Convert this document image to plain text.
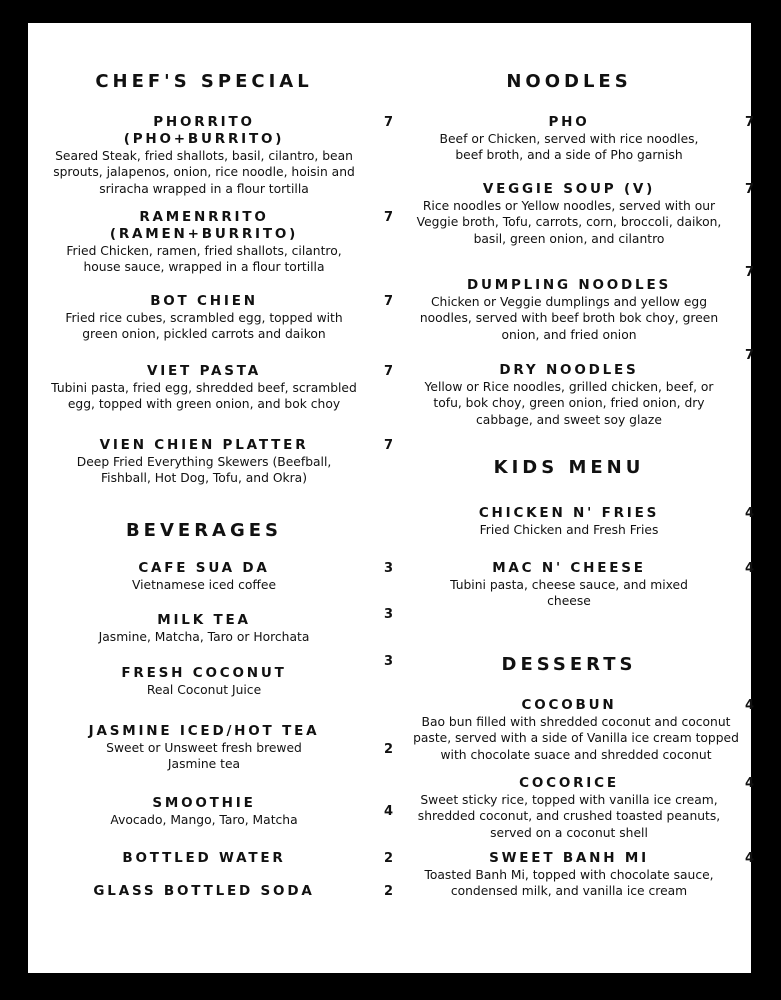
CHEF'S SPECIAL
7
PHORRITO
(PHO+BURRITO)
Seared Steak, fried shallots, basil, cilantro, bean sprouts, jalapenos, onion, rice noodle, hoisin and sriracha wrapped in a flour tortilla
7
RAMENRRITO
(RAMEN+BURRITO)
Fried Chicken, ramen, fried shallots, cilantro, house sauce, wrapped in a flour tortilla
7
BOT CHIEN
Fried rice cubes, scrambled egg, topped with green onion, pickled carrots and daikon
7
VIET PASTA
Tubini pasta, fried egg, shredded beef, scrambled egg, topped with green onion, and bok choy
7
VIEN CHIEN PLATTER
Deep Fried Everything Skewers (Beefball, Fishball, Hot Dog, Tofu, and Okra)
BEVERAGES
3
CAFE SUA DA
Vietnamese iced coffee
3
MILK TEA
Jasmine, Matcha, Taro or Horchata
3
FRESH COCONUT
Real Coconut Juice
2
JASMINE ICED/HOT TEA
Sweet or Unsweet fresh brewed Jasmine tea
4
SMOOTHIE
Avocado, Mango, Taro, Matcha
2
BOTTLED WATER
2
GLASS BOTTLED SODA
NOODLES
7
PHO
Beef or Chicken, served with rice noodles, beef broth, and a side of Pho garnish
7
VEGGIE SOUP (V)
Rice noodles or Yellow noodles, served with our Veggie broth, Tofu, carrots, corn, broccoli, daikon, basil, green onion, and cilantro
7
DUMPLING NOODLES
Chicken or Veggie dumplings and yellow egg noodles, served with beef broth bok choy, green onion, and fried onion
7
DRY NOODLES
Yellow or Rice noodles, grilled chicken, beef, or tofu, bok choy, green onion, fried onion, dry cabbage, and sweet soy glaze
KIDS MENU
4
CHICKEN N' FRIES
Fried Chicken and Fresh Fries
4
MAC N' CHEESE
Tubini pasta, cheese sauce, and mixed cheese
DESSERTS
4
COCOBUN
Bao bun filled with shredded coconut and coconut paste, served with a side of Vanilla ice cream topped with chocolate suace and shredded coconut
4
COCORICE
Sweet sticky rice, topped with vanilla ice cream, shredded coconut, and crushed toasted peanuts, served on a coconut shell
4
SWEET BANH MI
Toasted Banh Mi, topped with chocolate sauce, condensed milk, and vanilla ice cream
